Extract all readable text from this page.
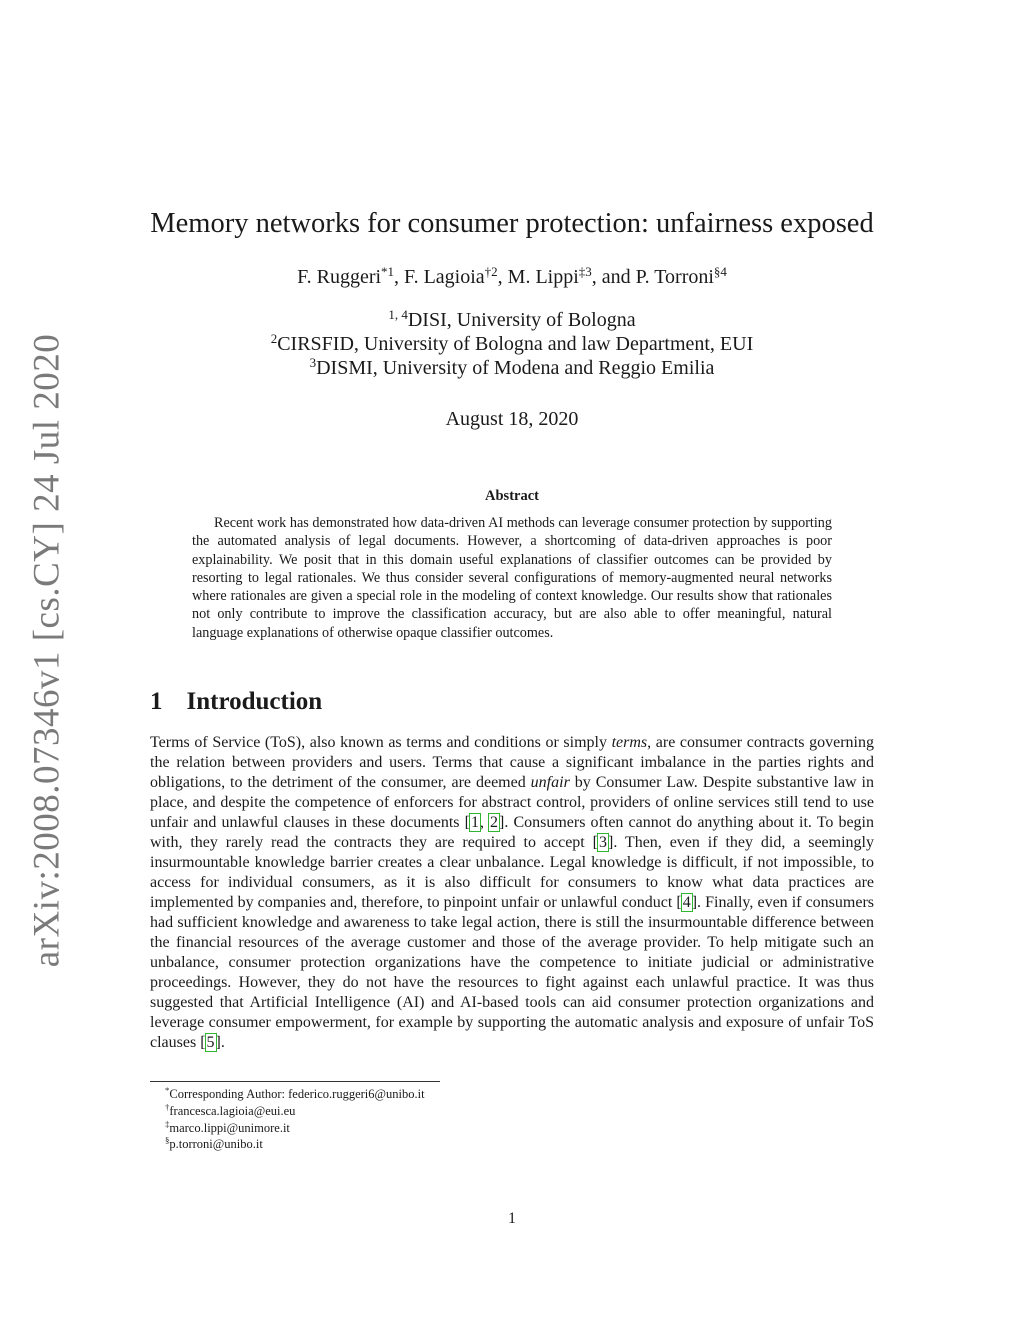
arXiv:2008.07346v1 [cs.CY] 24 Jul 2020
Memory networks for consumer protection: unfairness exposed
F. Ruggeri$^{*1}$, F. Lagioia$^{\dagger 2}$, M. Lippi$^{\ddagger 3}$, and P. Torroni$^{\S 4}$
$^{1, 4}$DISI, University of Bologna
$^2$CIRSFID, University of Bologna and law Department, EUI
$^3$DISMI, University of Modena and Reggio Emilia
August 18, 2020
Abstract

Recent work has demonstrated how data-driven AI methods can leverage consumer protection by supporting the automated analysis of legal documents. However, a shortcoming of data-driven approaches is poor explainability. We posit that in this domain useful explanations of classifier outcomes can be provided by resorting to legal rationales. We thus consider several configurations of memory-augmented neural networks where rationales are given a special role in the modeling of context knowledge. Our results show that rationales not only contribute to improve the classification accuracy, but are also able to offer meaningful, natural language explanations of otherwise opaque classifier outcomes.

1 Introduction

Terms of Service (ToS), also known as terms and conditions or simply terms, are consumer contracts governing the relation between providers and users. Terms that cause a significant imbalance in the parties rights and obligations, to the detriment of the consumer, are deemed unfair by Consumer Law. Despite substantive law in place, and despite the competence of enforcers for abstract control, providers of online services still tend to use unfair and unlawful clauses in these documents [1, 2]. Consumers often cannot do anything about it. To begin with, they rarely read the contracts they are required to accept [3]. Then, even if they did, a seemingly insurmountable knowledge barrier creates a clear unbalance. Legal knowledge is difficult, if not impossible, to access for individual consumers, as it is also difficult for consumers to know what data practices are implemented by companies and, therefore, to pinpoint unfair or unlawful conduct [4]. Finally, even if consumers had sufficient knowledge and awareness to take legal action, there is still the insurmountable difference between the financial resources of the average customer and those of the average provider. To help mitigate such an unbalance, consumer protection organizations have the competence to initiate judicial or administrative proceedings. However, they do not have the resources to fight against each unlawful practice. It was thus suggested that Artificial Intelligence (AI) and AI-based tools can aid consumer protection organizations and leverage consumer empowerment, for example by supporting the automatic analysis and exposure of unfair ToS clauses [5].

*Corresponding Author: federico.ruggeri6@unibo.it
†francesca.lagioia@eui.eu
‡marco.lippi@unimore.it
§p.torroni@unibo.it
1
